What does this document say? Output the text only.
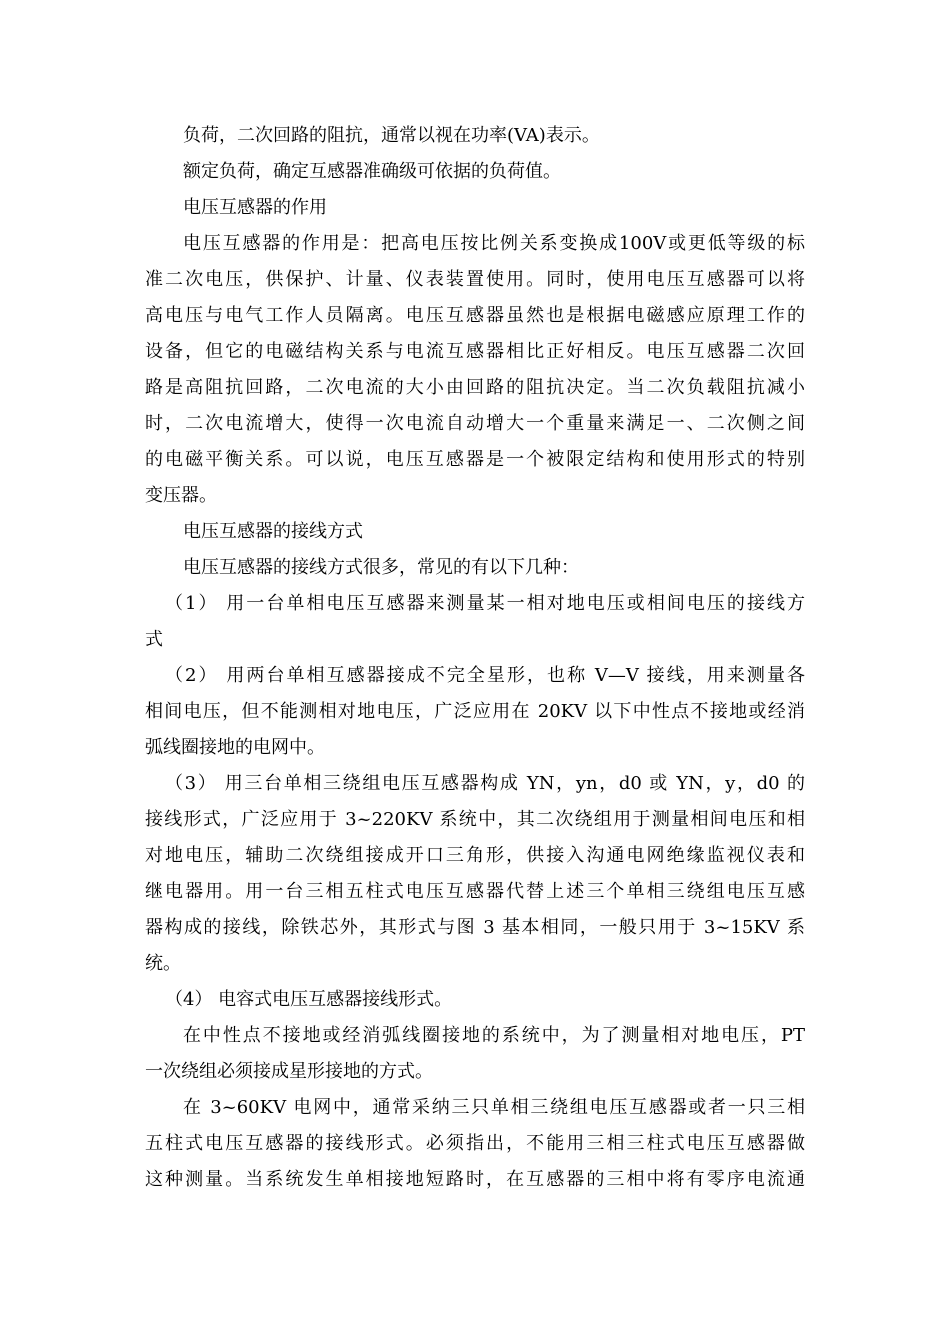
负荷，二次回路的阻抗，通常以视在功率(VA)表示。
额定负荷，确定互感器准确级可依据的负荷值。
电压互感器的作用
电压互感器的作用是：把高电压按比例关系变换成100V或更低等级的标
准二次电压，供保护、计量、仪表装置使用。同时，使用电压互感器可以将
高电压与电气工作人员隔离。电压互感器虽然也是根据电磁感应原理工作的
设备，但它的电磁结构关系与电流互感器相比正好相反。电压互感器二次回
路是高阻抗回路，二次电流的大小由回路的阻抗决定。当二次负载阻抗减小
时，二次电流增大，使得一次电流自动增大一个重量来满足一、二次侧之间
的电磁平衡关系。可以说，电压互感器是一个被限定结构和使用形式的特别
变压器。
电压互感器的接线方式
电压互感器的接线方式很多，常见的有以下几种：
（1） 用一台单相电压互感器来测量某一相对地电压或相间电压的接线方
式
（2） 用两台单相互感器接成不完全星形，也称 V—V 接线，用来测量各
相间电压，但不能测相对地电压，广泛应用在 20KV 以下中性点不接地或经消
弧线圈接地的电网中。
（3） 用三台单相三绕组电压互感器构成 YN，yn，d0 或 YN，y，d0 的
接线形式，广泛应用于 3~220KV 系统中，其二次绕组用于测量相间电压和相
对地电压，辅助二次绕组接成开口三角形，供接入沟通电网绝缘监视仪表和
继电器用。用一台三相五柱式电压互感器代替上述三个单相三绕组电压互感
器构成的接线，除铁芯外，其形式与图 3 基本相同，一般只用于 3~15KV 系
统。
（4） 电容式电压互感器接线形式。
在中性点不接地或经消弧线圈接地的系统中，为了测量相对地电压，PT
一次绕组必须接成星形接地的方式。
在 3~60KV 电网中，通常采纳三只单相三绕组电压互感器或者一只三相
五柱式电压互感器的接线形式。必须指出，不能用三相三柱式电压互感器做
这种测量。当系统发生单相接地短路时，在互感器的三相中将有零序电流通
